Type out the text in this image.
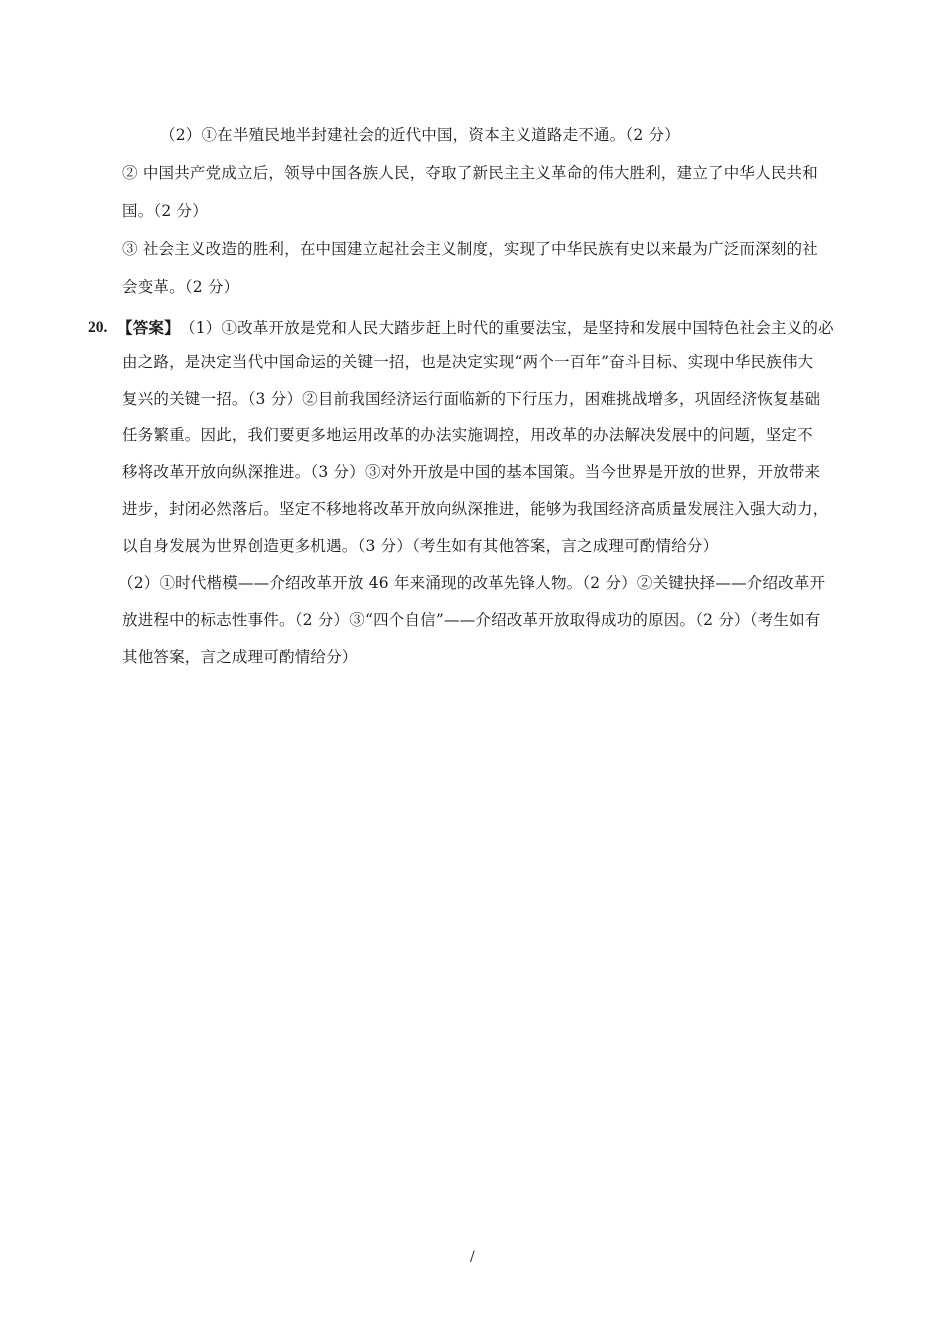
（2）①在半殖民地半封建社会的近代中国，资本主义道路走不通。（2 分）
② 中国共产党成立后，领导中国各族人民，夺取了新民主主义革命的伟大胜利，建立了中华人民共和
国。（2 分）
③ 社会主义改造的胜利，在中国建立起社会主义制度，实现了中华民族有史以来最为广泛而深刻的社
会变革。（2 分）
20. 【答案】 （1）①改革开放是党和人民大踏步赶上时代的重要法宝，是坚持和发展中国特色社会主义的必
由之路，是决定当代中国命运的关键一招，也是决定实现“两个一百年”奋斗目标、实现中华民族伟大
复兴的关键一招。（3 分）②目前我国经济运行面临新的下行压力，困难挑战增多，巩固经济恢复基础
任务繁重。因此，我们要更多地运用改革的办法实施调控，用改革的办法解决发展中的问题，坚定不
移将改革开放向纵深推进。（3 分）③对外开放是中国的基本国策。当今世界是开放的世界，开放带来
进步，封闭必然落后。坚定不移地将改革开放向纵深推进，能够为我国经济高质量发展注入强大动力，
以自身发展为世界创造更多机遇。（3 分）（考生如有其他答案，言之成理可酌情给分）
（2）①时代楷模——介绍改革开放 46 年来涌现的改革先锋人物。（2 分）②关键抉择——介绍改革开
放进程中的标志性事件。（2 分）③“四个自信”——介绍改革开放取得成功的原因。（2 分）（考生如有
其他答案，言之成理可酌情给分）
/
